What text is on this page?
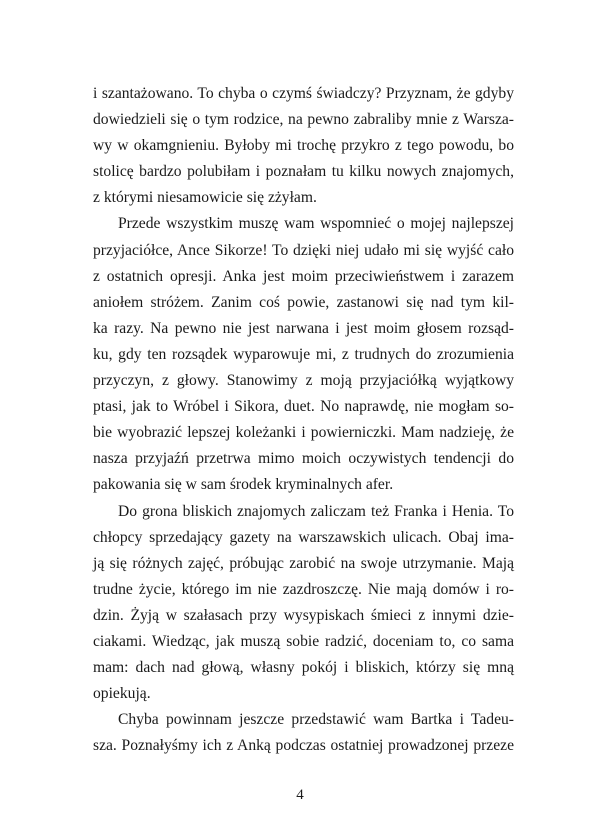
i szantażowano. To chyba o czymś świadczy? Przyznam, że gdyby
dowiedzieli się o tym rodzice, na pewno zabraliby mnie z Warsza-
wy w okamgnieniu. Byłoby mi trochę przykro z tego powodu, bo
stolicę bardzo polubiłam i poznałam tu kilku nowych znajomych,
z którymi niesamowicie się zżyłam.
Przede wszystkim muszę wam wspomnieć o mojej najlepszej
przyjaciółce, Ance Sikorze! To dzięki niej udało mi się wyjść cało
z ostatnich opresji. Anka jest moim przeciwieństwem i zarazem
aniołem stróżem. Zanim coś powie, zastanowi się nad tym kil-
ka razy. Na pewno nie jest narwana i jest moim głosem rozsąd-
ku, gdy ten rozsądek wyparowuje mi, z trudnych do zrozumienia
przyczyn, z głowy. Stanowimy z moją przyjaciółką wyjątkowy
ptasi, jak to Wróbel i Sikora, duet. No naprawdę, nie mogłam so-
bie wyobrazić lepszej koleżanki i powierniczki. Mam nadzieję, że
nasza przyjaźń przetrwa mimo moich oczywistych tendencji do
pakowania się w sam środek kryminalnych afer.
Do grona bliskich znajomych zaliczam też Franka i Henia. To
chłopcy sprzedający gazety na warszawskich ulicach. Obaj ima-
ją się różnych zajęć, próbując zarobić na swoje utrzymanie. Mają
trudne życie, którego im nie zazdroszczę. Nie mają domów i ro-
dzin. Żyją w szałasach przy wysypiskach śmieci z innymi dzie-
ciakami. Wiedząc, jak muszą sobie radzić, doceniam to, co sama
mam: dach nad głową, własny pokój i bliskich, którzy się mną
opiekują.
Chyba powinnam jeszcze przedstawić wam Bartka i Tadeu-
sza. Poznałyśmy ich z Anką podczas ostatniej prowadzonej przeze
4
